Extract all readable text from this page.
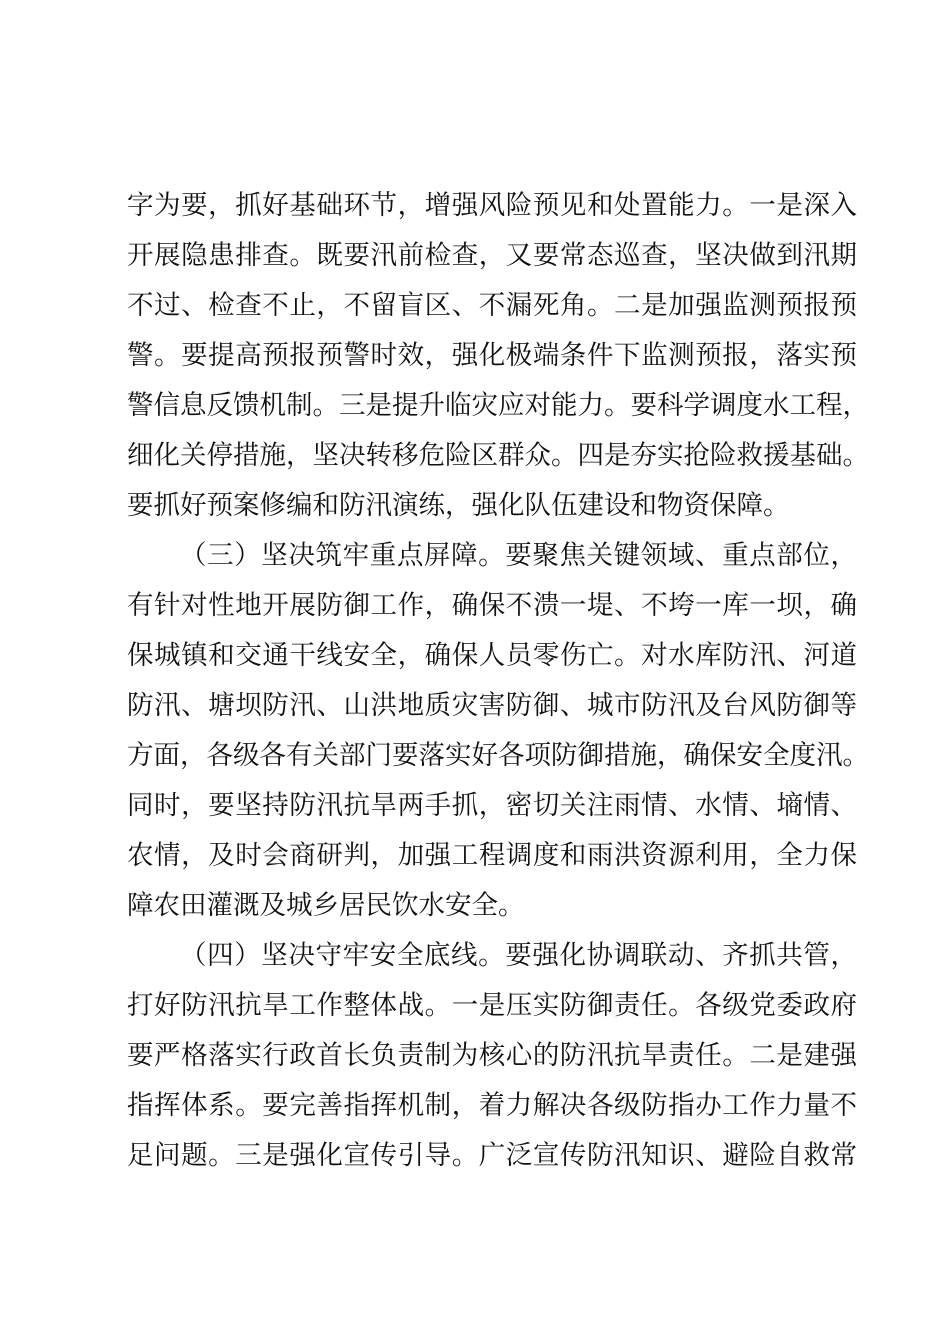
字为要，抓好基础环节，增强风险预见和处置能力。一是深入
开展隐患排查。既要汛前检查，又要常态巡查，坚决做到汛期
不过、检查不止，不留盲区、不漏死角。二是加强监测预报预
警。要提高预报预警时效，强化极端条件下监测预报，落实预
警信息反馈机制。三是提升临灾应对能力。要科学调度水工程，
细化关停措施，坚决转移危险区群众。四是夯实抢险救援基础。
要抓好预案修编和防汛演练，强化队伍建设和物资保障。
（三）坚决筑牢重点屏障。要聚焦关键领域、重点部位，
有针对性地开展防御工作，确保不溃一堤、不垮一库一坝，确
保城镇和交通干线安全，确保人员零伤亡。对水库防汛、河道
防汛、塘坝防汛、山洪地质灾害防御、城市防汛及台风防御等
方面，各级各有关部门要落实好各项防御措施，确保安全度汛。
同时，要坚持防汛抗旱两手抓，密切关注雨情、水情、墒情、
农情，及时会商研判，加强工程调度和雨洪资源利用，全力保
障农田灌溉及城乡居民饮水安全。
（四）坚决守牢安全底线。要强化协调联动、齐抓共管，
打好防汛抗旱工作整体战。一是压实防御责任。各级党委政府
要严格落实行政首长负责制为核心的防汛抗旱责任。二是建强
指挥体系。要完善指挥机制，着力解决各级防指办工作力量不
足问题。三是强化宣传引导。广泛宣传防汛知识、避险自救常
